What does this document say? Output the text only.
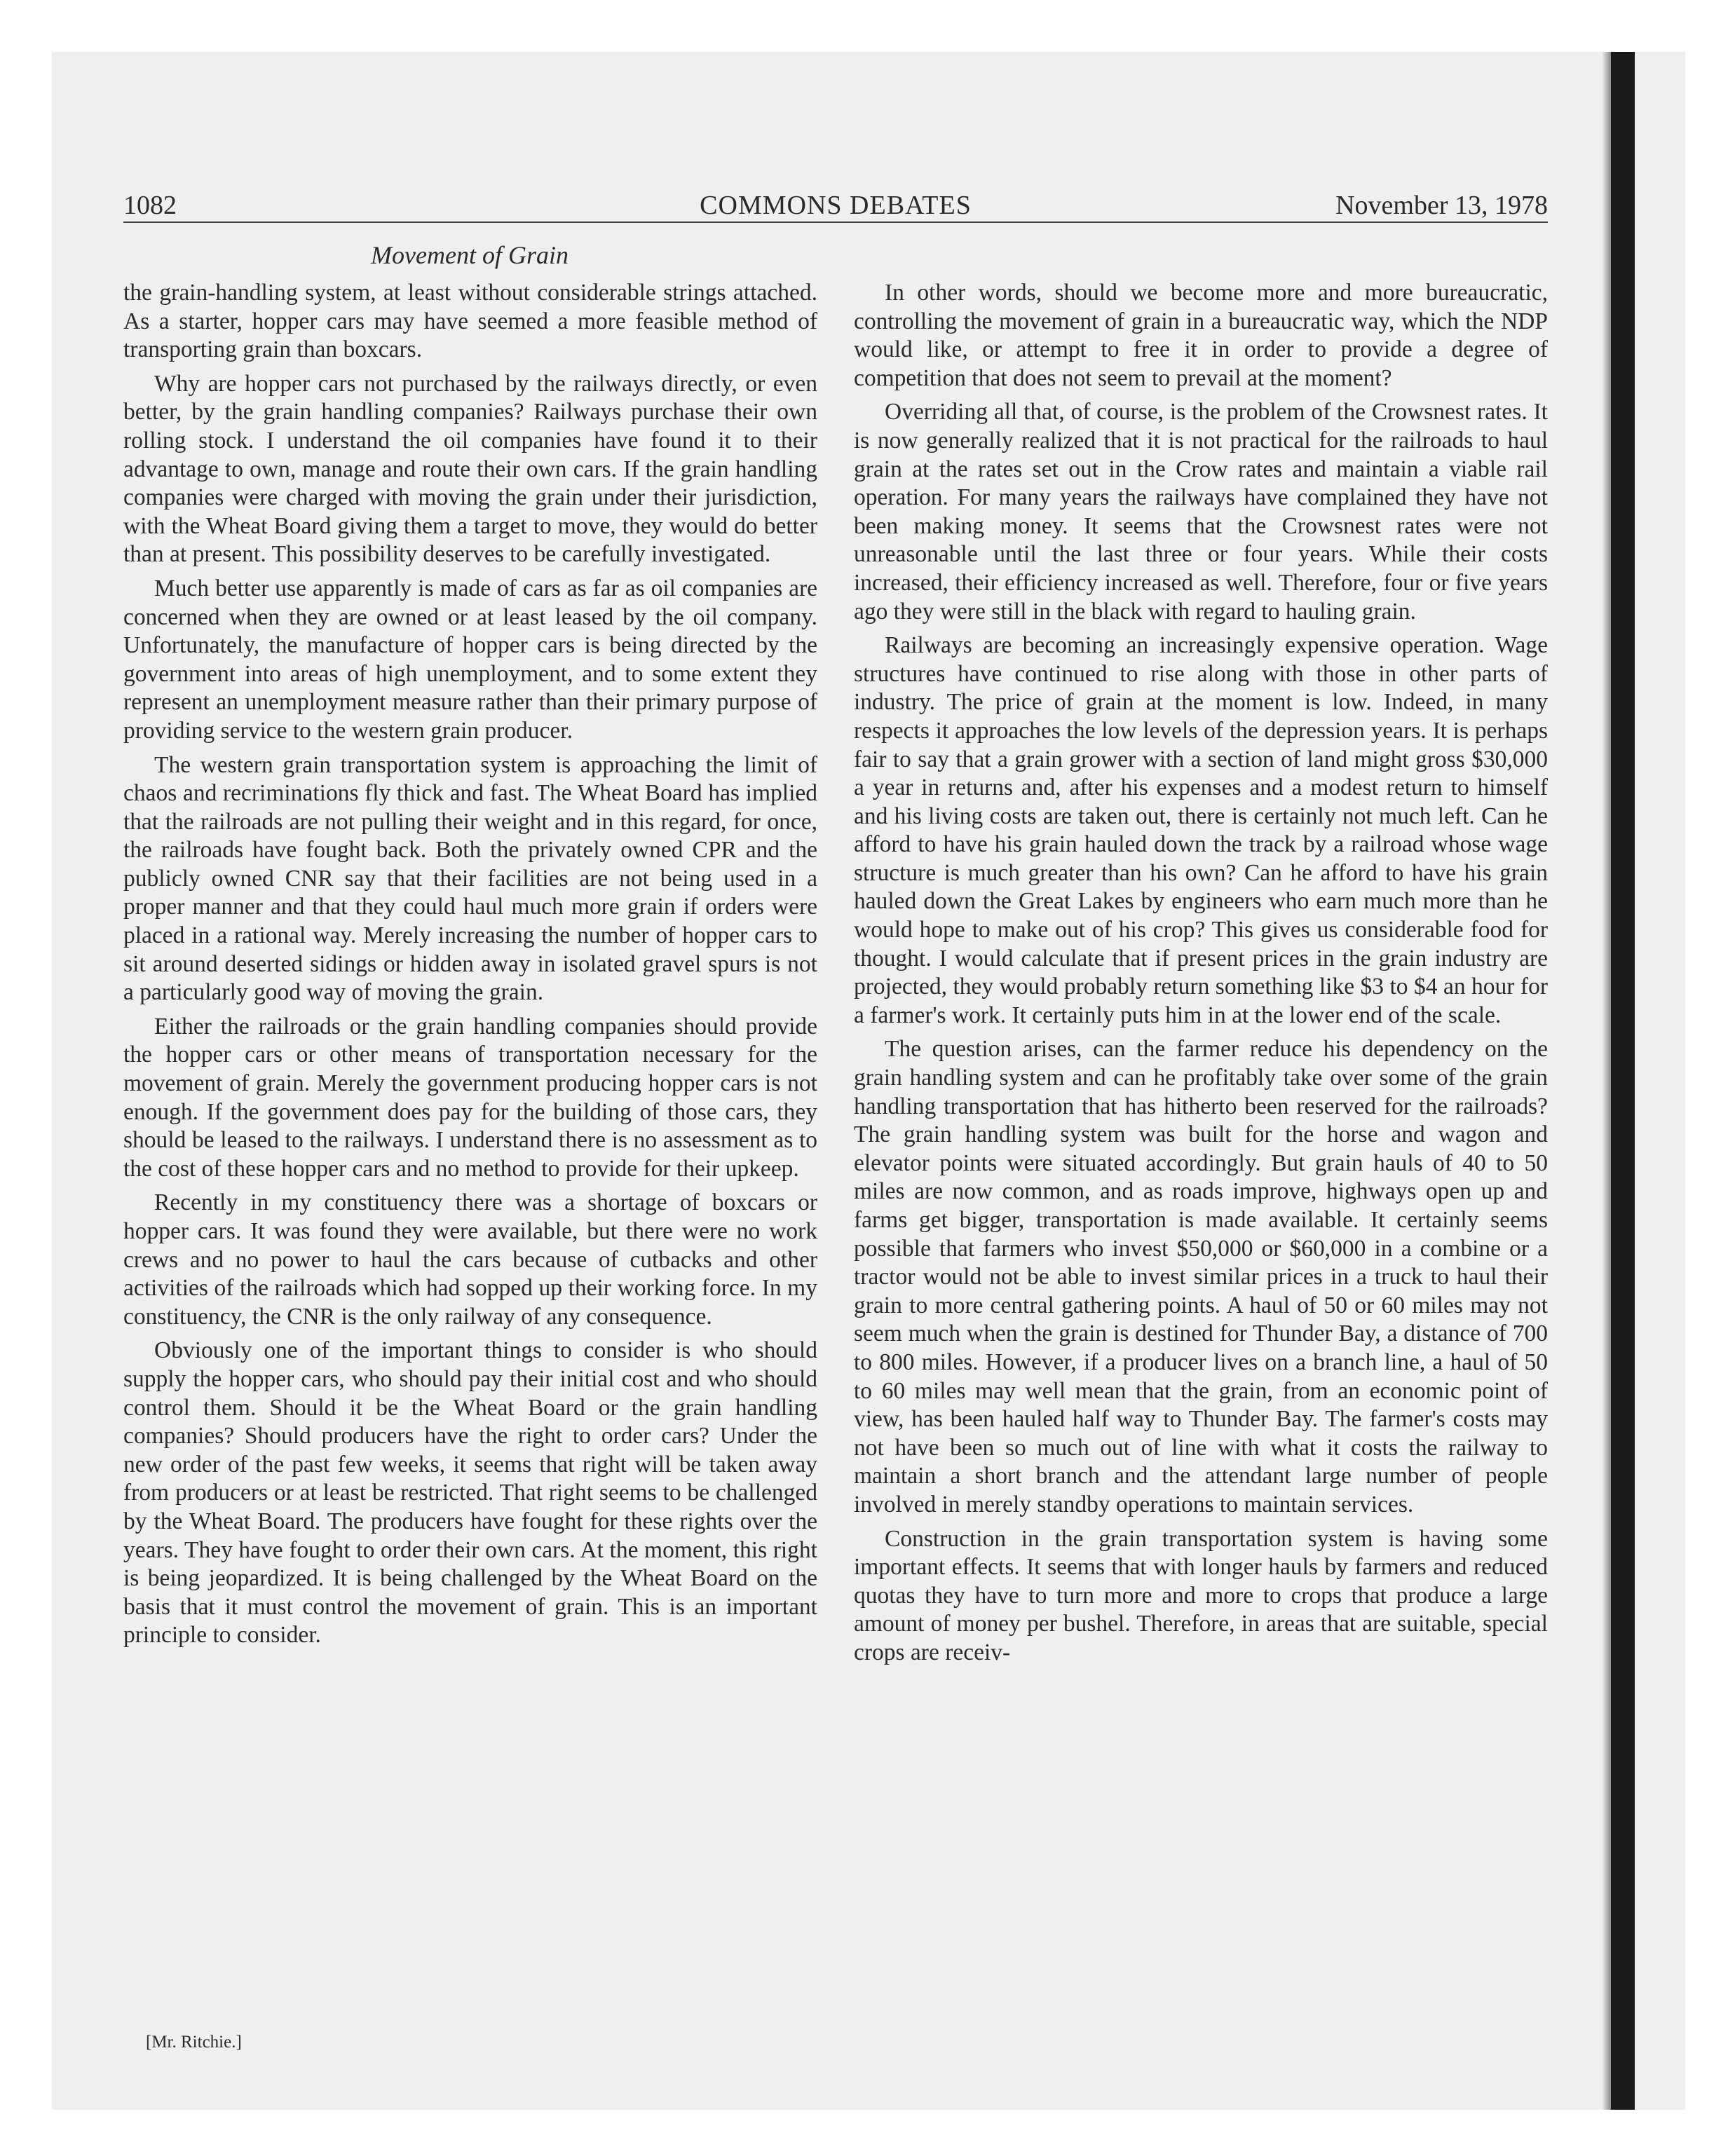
1082	COMMONS DEBATES	November 13, 1978
Movement of Grain

the grain-handling system, at least without considerable strings attached. As a starter, hopper cars may have seemed a more feasible method of transporting grain than boxcars.

Why are hopper cars not purchased by the railways directly, or even better, by the grain handling companies? Railways purchase their own rolling stock. I understand the oil companies have found it to their advantage to own, manage and route their own cars. If the grain handling companies were charged with moving the grain under their jurisdiction, with the Wheat Board giving them a target to move, they would do better than at present. This possibility deserves to be carefully investigated.

Much better use apparently is made of cars as far as oil companies are concerned when they are owned or at least leased by the oil company. Unfortunately, the manufacture of hopper cars is being directed by the government into areas of high unemployment, and to some extent they represent an unemployment measure rather than their primary purpose of providing service to the western grain producer.

The western grain transportation system is approaching the limit of chaos and recriminations fly thick and fast. The Wheat Board has implied that the railroads are not pulling their weight and in this regard, for once, the railroads have fought back. Both the privately owned CPR and the publicly owned CNR say that their facilities are not being used in a proper manner and that they could haul much more grain if orders were placed in a rational way. Merely increasing the number of hopper cars to sit around deserted sidings or hidden away in isolated gravel spurs is not a particularly good way of moving the grain.

Either the railroads or the grain handling companies should provide the hopper cars or other means of transportation necessary for the movement of grain. Merely the government producing hopper cars is not enough. If the government does pay for the building of those cars, they should be leased to the railways. I understand there is no assessment as to the cost of these hopper cars and no method to provide for their upkeep.

Recently in my constituency there was a shortage of boxcars or hopper cars. It was found they were available, but there were no work crews and no power to haul the cars because of cutbacks and other activities of the railroads which had sopped up their working force. In my constituency, the CNR is the only railway of any consequence.

Obviously one of the important things to consider is who should supply the hopper cars, who should pay their initial cost and who should control them. Should it be the Wheat Board or the grain handling companies? Should producers have the right to order cars? Under the new order of the past few weeks, it seems that right will be taken away from producers or at least be restricted. That right seems to be challenged by the Wheat Board. The producers have fought for these rights over the years. They have fought to order their own cars. At the moment, this right is being jeopardized. It is being challenged by the Wheat Board on the basis that it must control the movement of grain. This is an important principle to consider.

[Mr. Ritchie.]

In other words, should we become more and more bureaucratic, controlling the movement of grain in a bureaucratic way, which the NDP would like, or attempt to free it in order to provide a degree of competition that does not seem to prevail at the moment?

Overriding all that, of course, is the problem of the Crowsnest rates. It is now generally realized that it is not practical for the railroads to haul grain at the rates set out in the Crow rates and maintain a viable rail operation. For many years the railways have complained they have not been making money. It seems that the Crowsnest rates were not unreasonable until the last three or four years. While their costs increased, their efficiency increased as well. Therefore, four or five years ago they were still in the black with regard to hauling grain.

Railways are becoming an increasingly expensive operation. Wage structures have continued to rise along with those in other parts of industry. The price of grain at the moment is low. Indeed, in many respects it approaches the low levels of the depression years. It is perhaps fair to say that a grain grower with a section of land might gross $30,000 a year in returns and, after his expenses and a modest return to himself and his living costs are taken out, there is certainly not much left. Can he afford to have his grain hauled down the track by a railroad whose wage structure is much greater than his own? Can he afford to have his grain hauled down the Great Lakes by engineers who earn much more than he would hope to make out of his crop? This gives us considerable food for thought. I would calculate that if present prices in the grain industry are projected, they would probably return something like $3 to $4 an hour for a farmer's work. It certainly puts him in at the lower end of the scale.

The question arises, can the farmer reduce his dependency on the grain handling system and can he profitably take over some of the grain handling transportation that has hitherto been reserved for the railroads? The grain handling system was built for the horse and wagon and elevator points were situated accordingly. But grain hauls of 40 to 50 miles are now common, and as roads improve, highways open up and farms get bigger, transportation is made available. It certainly seems possible that farmers who invest $50,000 or $60,000 in a combine or a tractor would not be able to invest similar prices in a truck to haul their grain to more central gathering points. A haul of 50 or 60 miles may not seem much when the grain is destined for Thunder Bay, a distance of 700 to 800 miles. However, if a producer lives on a branch line, a haul of 50 to 60 miles may well mean that the grain, from an economic point of view, has been hauled half way to Thunder Bay. The farmer's costs may not have been so much out of line with what it costs the railway to maintain a short branch and the attendant large number of people involved in merely standby operations to maintain services.

Construction in the grain transportation system is having some important effects. It seems that with longer hauls by farmers and reduced quotas they have to turn more and more to crops that produce a large amount of money per bushel. Therefore, in areas that are suitable, special crops are receiv-
